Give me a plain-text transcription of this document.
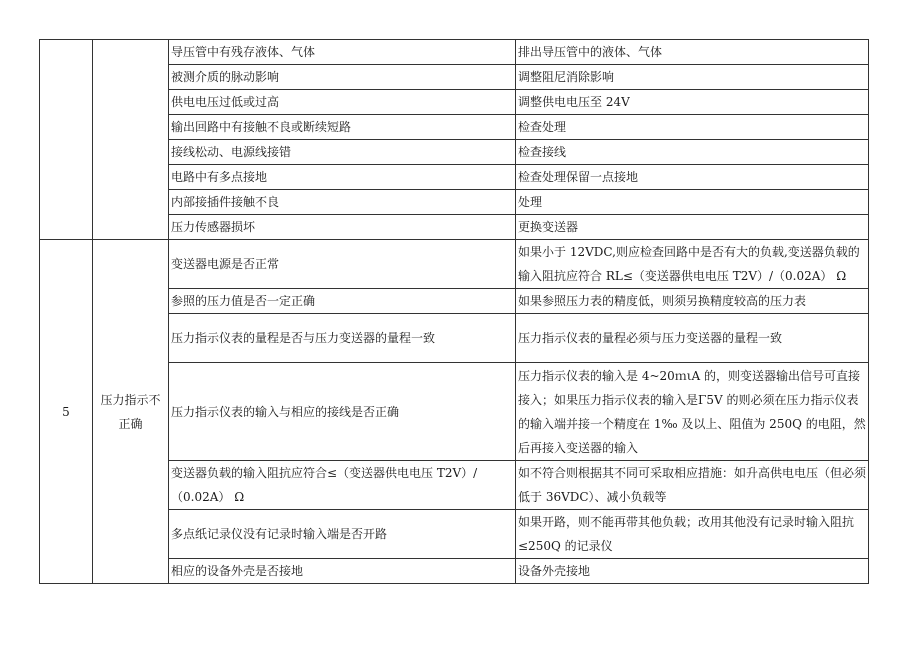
		导压管中有残存液体、气体	排出导压管中的液体、气体
		被测介质的脉动影响	调整阻尼消除影响
		供电电压过低或过高	调整供电电压至 24V
		输出回路中有接触不良或断续短路	检查处理
		接线松动、电源线接错	检查接线
		电路中有多点接地	检查处理保留一点接地
		内部接插件接触不良	处理
		压力传感器损坏	更换变送器
5	压力指示不正确	变送器电源是否正常	如果小于 12VDC,则应检查回路中是否有大的负载,变送器负载的输入阻抗应符合 RL≤（变送器供电电压 T2V）/（0.02A） Ω
		参照的压力值是否一定正确	如果参照压力表的精度低，则须另换精度较高的压力表
		压力指示仪表的量程是否与压力变送器的量程一致	压力指示仪表的量程必须与压力变送器的量程一致
		压力指示仪表的输入与相应的接线是否正确	压力指示仪表的输入是 4~20ｍιA 的，则变送器输出信号可直接接入；如果压力指示仪表的输入是Γ5V 的则必须在压力指示仪表的输入端并接一个精度在 1‰ 及以上、阻值为 250Q 的电阻，然后再接入变送器的输入
		变送器负载的输入阻抗应符合≤（变送器供电电压 T2V）/（0.02A） Ω	如不符合则根据其不同可采取相应措施：如升高供电电压（但必须低于 36VDC）、减小负载等
		多点纸记录仪没有记录时输入端是否开路	如果开路，则不能再带其他负载；改用其他没有记录时输入阻抗≤250Q 的记录仪
		相应的设备外壳是否接地	设备外壳接地
